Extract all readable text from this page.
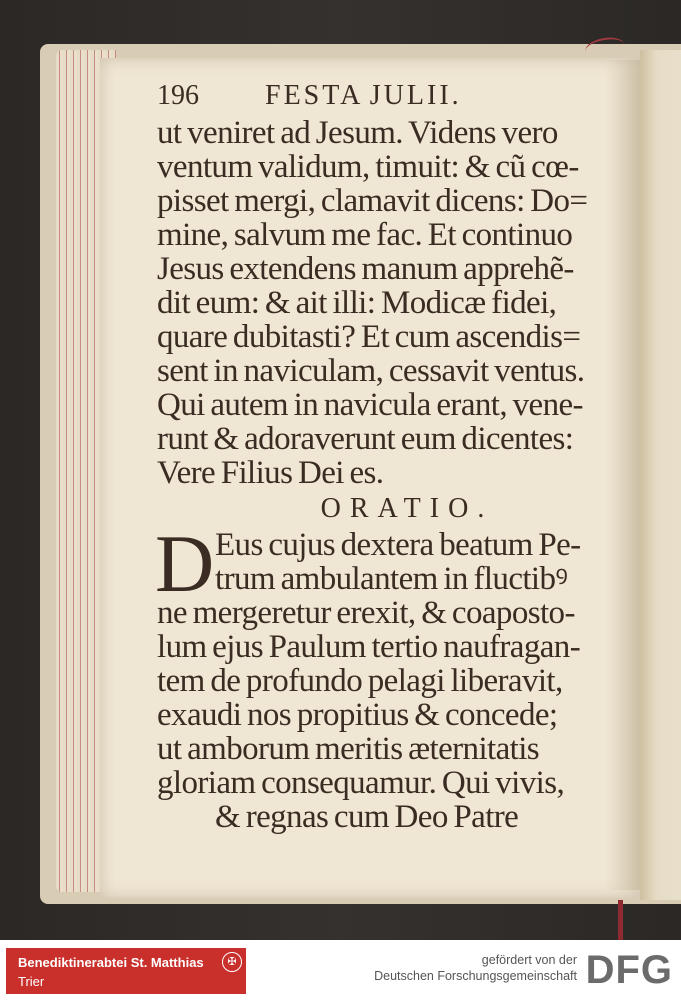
196	FESTA JULII.
ut veniret ad Jesum. Videns vero
ventum validum, timuit: & cũ cœ-
pisset mergi, clamavit dicens: Do=
mine, salvum me fac. Et continuo
Jesus extendens manum apprehẽ-
dit eum: & ait illi: Modicæ fidei,
quare dubitasti? Et cum ascendis=
sent in naviculam, cessavit ventus.
Qui autem in navicula erant, vene-
runt & adoraverunt eum dicentes:
Vere Filius Dei es.
ORATIO.
D Eus cujus dextera beatum Pe-
trum ambulantem in fluctibꝰ
ne mergeretur erexit, & coaposto-
lum ejus Paulum tertio naufragan-
tem de profundo pelagi liberavit,
exaudi nos propitius & concede;
ut amborum meritis æternitatis
gloriam consequamur. Qui vivis,
& regnas cum Deo Patre
Benediktinerabtei St. Matthias
Trier
✠	gefördert von der
Deutschen Forschungsgemeinschaft DFG
